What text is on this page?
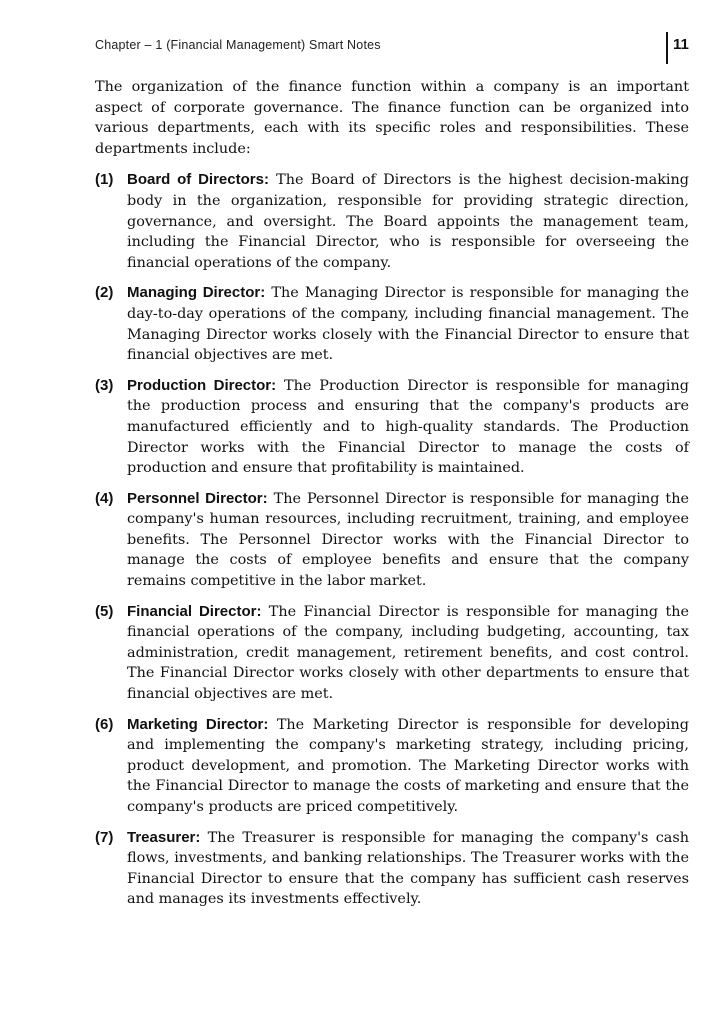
Chapter – 1 (Financial Management) Smart Notes	11

The organization of the finance function within a company is an important aspect of corporate governance. The finance function can be organized into various departments, each with its specific roles and responsibilities. These departments include:

(1) Board of Directors: The Board of Directors is the highest decision-making body in the organization, responsible for providing strategic direction, governance, and oversight. The Board appoints the management team, including the Financial Director, who is responsible for overseeing the financial operations of the company.
(2) Managing Director: The Managing Director is responsible for managing the day-to-day operations of the company, including financial management. The Managing Director works closely with the Financial Director to ensure that financial objectives are met.
(3) Production Director: The Production Director is responsible for managing the production process and ensuring that the company's products are manufactured efficiently and to high-quality standards. The Production Director works with the Financial Director to manage the costs of production and ensure that profitability is maintained.
(4) Personnel Director: The Personnel Director is responsible for managing the company's human resources, including recruitment, training, and employee benefits. The Personnel Director works with the Financial Director to manage the costs of employee benefits and ensure that the company remains competitive in the labor market.
(5) Financial Director: The Financial Director is responsible for managing the financial operations of the company, including budgeting, accounting, tax administration, credit management, retirement benefits, and cost control. The Financial Director works closely with other departments to ensure that financial objectives are met.
(6) Marketing Director: The Marketing Director is responsible for developing and implementing the company's marketing strategy, including pricing, product development, and promotion. The Marketing Director works with the Financial Director to manage the costs of marketing and ensure that the company's products are priced competitively.
(7) Treasurer: The Treasurer is responsible for managing the company's cash flows, investments, and banking relationships. The Treasurer works with the Financial Director to ensure that the company has sufficient cash reserves and manages its investments effectively.
